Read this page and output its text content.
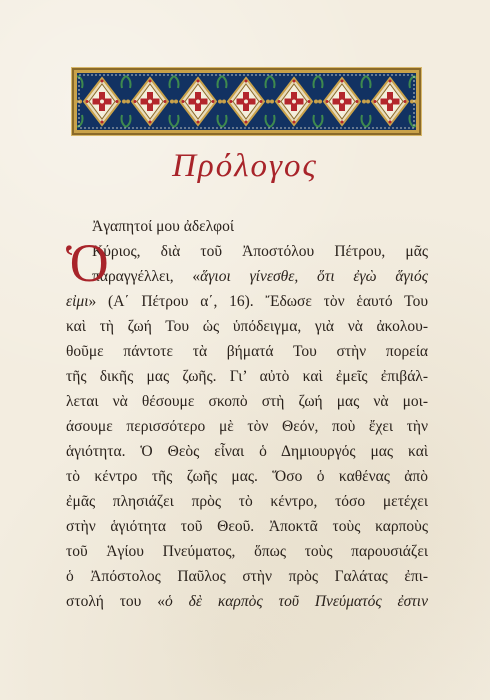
Πρόλογος
Ἀγαπητοί μου ἀδελφοί
Ὁ
Κύριος, διὰ τοῦ Ἀποστόλου Πέτρου, μᾶς
παραγγέλλει, «ἅγιοι γίνεσθε, ὅτι ἐγὼ ἅγιός
εἰμι» (Α΄ Πέτρου α΄, 16). Ἔδωσε τὸν ἑαυτό Του
καὶ τὴ ζωή Του ὡς ὑπόδειγμα, γιὰ νὰ ἀκολου-
θοῦμε πάντοτε τὰ βήματά Του στὴν πορεία
τῆς δικῆς μας ζωῆς. Γι’ αὐτὸ καὶ ἐμεῖς ἐπιβάλ-
λεται νὰ θέσουμε σκοπὸ στὴ ζωή μας νὰ μοι-
άσουμε περισσότερο μὲ τὸν Θεόν, ποὺ ἔχει τὴν
ἁγιότητα. Ὁ Θεὸς εἶναι ὁ Δημιουργός μας καὶ
τὸ κέντρο τῆς ζωῆς μας. Ὅσο ὁ καθένας ἀπὸ
ἐμᾶς πλησιάζει πρὸς τὸ κέντρο, τόσο μετέχει
στὴν ἁγιότητα τοῦ Θεοῦ. Ἀποκτᾶ τοὺς καρποὺς
τοῦ Ἁγίου Πνεύματος, ὅπως τοὺς παρουσιάζει
ὁ Ἀπόστολος Παῦλος στὴν πρὸς Γαλάτας ἐπι-
στολή του «ὁ δὲ καρπὸς τοῦ Πνεύματός ἐστιν
